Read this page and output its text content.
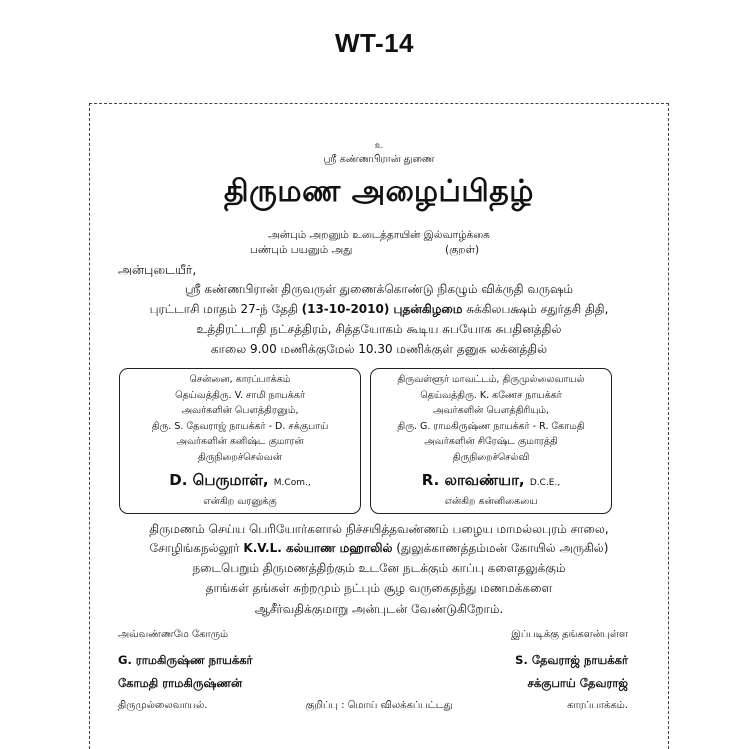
WT-14
உ
ஸ்ரீ கண்ணபிரான் துணை
திருமண அழைப்பிதழ்
அன்பும் அறனும் உடைத்தாயின் இல்வாழ்க்கை
பண்பும் பயனும் அது	(குறள்)
அன்புடையீர்,
ஸ்ரீ கண்ணபிரான் திருவருள் துணைக்கொண்டு நிகழும் விக்ருதி வருஷம்
புரட்டாசி மாதம் 27-ந் தேதி (13-10-2010) புதன்கிழமை சுக்கிலபக்ஷம் சதுர்தசி திதி,
உத்திரட்டாதி நட்சத்திரம், சித்தயோகம் கூடிய சுபயோக சுபதினத்தில்
காலை 9.00 மணிக்குமேல் 10.30 மணிக்குள் தனுசு லக்னத்தில்
சென்னை, காரப்பாக்கம்
தெய்வத்திரு. V. சாமி நாயக்கர்
அவர்களின் பௌத்திரனும்,
திரு. S. தேவராஜ் நாயக்கர் - D. சக்குபாய்
அவர்களின் கனிஷ்ட குமாரன்
திருநிறைச்செல்வன்
D. பெருமாள், M.Com.,
என்கிற வரனுக்கு
திருவள்ளூர் மாவட்டம், திருமுல்லைவாயல்
தெய்வத்திரு. K. கணேச நாயக்கர்
அவர்களின் பௌத்திரியும்,
திரு. G. ராமகிருஷ்ண நாயக்கர் - R. கோமதி
அவர்களின் சிரேஷ்ட குமாரத்தி
திருநிறைச்செல்வி
R. லாவண்யா, D.C.E.,
என்கிற கன்னிகையை
திருமணம் செய்ய பெரியோர்களால் நிச்சயித்தவண்ணம் பழைய மாமல்லபுரம் சாலை,
சோழிங்கநல்லூர் K.V.L. கல்யாண மஹாலில் (துலுக்காணத்தம்மன் கோயில் அருகில்)
நடைபெறும் திருமணத்திற்கும் உடனே நடக்கும் காப்பு களைதலுக்கும்
தாங்கள் தங்கள் சுற்றமும் நட்பும் சூழ வருகைதந்து மணமக்களை
ஆசீர்வதிக்குமாறு அன்புடன் வேண்டுகிறோம்.
அவ்வண்ணமே கோரும்
G. ராமகிருஷ்ண நாயக்கர்
கோமதி ராமகிருஷ்ணன்
திருமுல்லைவாயல்.	குறிப்பு : மொய் விலக்கப்பட்டது
இப்படிக்கு தங்களன்புள்ள
S. தேவராஜ் நாயக்கர்
சக்குபாய் தேவராஜ்
காரப்பாக்கம்.
